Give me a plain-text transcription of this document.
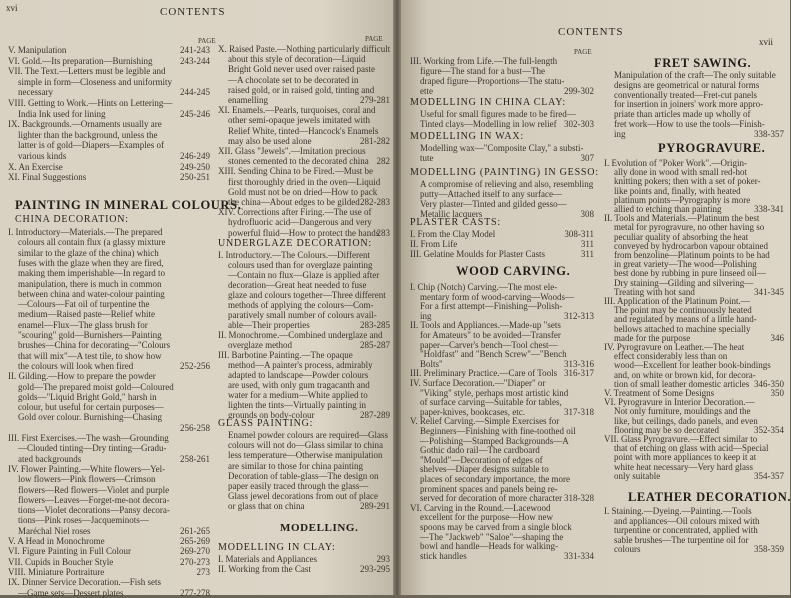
xvi	CONTENTS
PAGE	PAGE
V. Manipulation	241-243
VI. Gold.—Its preparation—Burnishing	243-244
VII. The Text.—Letters must be legible and
simple in form—Closeness and uniformity
necessary	244-245
VIII. Getting to Work.—Hints on Lettering—
India Ink used for lining	245-246
IX. Backgrounds.—Ornaments usually are
lighter than the background, unless the
latter is of gold—Diapers—Examples of
various kinds	246-249
X. An Exercise	249-250
XI. Final Suggestions	250-251
PAINTING IN MINERAL COLOURS.
CHINA DECORATION:
I. Introductory—Materials.—The prepared
colours all contain flux (a glassy mixture
similar to the glaze of the china) which
fuses with the glaze when they are fired,
making them imperishable—In regard to
manipulation, there is much in common
between china and water-colour painting
—Colours—Fat oil of turpentine the
medium—Raised paste—Relief white
enamel—Flux—The glass brush for
"scouring" gold—Burnishers—Painting
brushes—China for decorating—"Colours
that will mix"—A test tile, to show how
the colours will look when fired	252-256
II. Gilding.—How to prepare the powder
gold—The prepared moist gold—Coloured
golds—"Liquid Bright Gold," harsh in
colour, but useful for certain purposes—
Gold over colour. Burnishing—Chasing
256-258
III. First Exercises.—The wash—Grounding
—Clouded tinting—Dry tinting—Gradu-
ated backgrounds	258-261
IV. Flower Painting.—White flowers—Yel-
low flowers—Pink flowers—Crimson
flowers—Red flowers—Violet and purple
flowers—Leaves—Forget-me-not decora-
tions—Violet decorations—Pansy decora-
tions—Pink roses—Jacqueminots—
Maréchal Niel roses	261-265
V. A Head in Monochrome	265-269
VI. Figure Painting in Full Colour	269-270
VII. Cupids in Boucher Style	270-273
VIII. Miniature Portraiture	273
IX. Dinner Service Decoration.—Fish sets
—Game sets—Dessert plates	277-278
X. Raised Paste.—Nothing particularly difficult
about this style of decoration—Liquid
Bright Gold never used over raised paste
—A chocolate set to be decorated in
raised gold, or in raised gold, tinting and
enamelling	279-281
XI. Enamels.—Pearls, turquoises, coral and
other semi-opaque jewels imitated with
Relief White, tinted—Hancock's Enamels
may also be used alone	281-282
XII. Glass "Jewels".—Imitation precious
stones cemented to the decorated china 282
XIII. Sending China to be Fired.—Must be
first thoroughly dried in the oven—Liquid
Gold must not be on dried—How to pack
the china—About edges to be gilded 282-283
XIV. Corrections after Firing.—The use of
hydrofluoric acid—Dangerous and very
powerful fluid—How to protect the hands
283
UNDERGLAZE DECORATION:
I. Introductory.—The Colours.—Different
colours used than for overglaze painting
—Contain no flux—Glaze is applied after
decoration—Great heat needed to fuse
glaze and colours together—Three different
methods of applying the colours—Com-
paratively small number of colours avail-
able—Their properties	283-285
II. Monochrome.—Combined underglaze and
overglaze method	285-287
III. Barbotine Painting.—The opaque
method—A painter's process, admirably
adapted to landscape—Powder colours
are used, with only gum tragacanth and
water for a medium—White applied to
lighten the tints—Virtually painting in
grounds on body-colour	287-289
GLASS PAINTING:
Enamel powder colours are required—Glass
colours will not do—Glass similar to china
less temperature—Otherwise manipulation
are similar to those for china painting
Decoration of table-glass—The design on
paper easily traced through the glass—
Glass jewel decorations from out of place
or glass that on china	289-291
MODELLING.
MODELLING IN CLAY:
I. Materials and Appliances	293
II. Working from the Cast	293-295
CONTENTS
xvii
PAGE
III. Working from Life.—The full-length
figure—The stand for a bust—The
draped figure—Proportions—The statu-
ette	299-302
MODELLING IN CHINA CLAY:
Useful for small figures made to be fired—
Tinted clays—Modelling in low relief 302-303
MODELLING IN WAX:
Modelling wax—"Composite Clay," a substi-
tute	307
MODELLING (PAINTING) IN GESSO:
A compromise of relieving and also, resembling
putty—Attached itself to any surface—
Very plaster—Tinted and gilded gesso—
Metallic lacquers	308
PLASTER CASTS:
I. From the Clay Model	308-311
II. From Life	311
III. Gelatine Moulds for Plaster Casts	311
WOOD CARVING.
I. Chip (Notch) Carving.—The most ele-
mentary form of wood-carving—Woods—
For a first attempt—Finishing—Polish-
ing	312-313
II. Tools and Appliances.—Made-up "sets
for Amateurs" to be avoided—Transfer
paper—Carver's bench—Tool chest—
"Holdfast" and "Bench Screw"—"Bench
Bolts"	313-316
III. Preliminary Practice.—Care of Tools 316-317
IV. Surface Decoration.—"Diaper" or
"Viking" style, perhaps most artistic kind
of surface carving—Suitable for tables,
paper-knives, bookcases, etc.	317-318
V. Relief Carving.—Simple Exercises for
Beginners—Finishing with fine-toothed oil
—Polishing—Stamped Backgrounds—A
Gothic dado rail—The cardboard
"Mould"—Decoration of edges of
shelves—Diaper designs suitable to
places of secondary importance, the more
prominent spaces and panels being re-
served for decoration of more character 318-328
VI. Carving in the Round.—Lacewood
excellent for the purpose—How new
spoons may be carved from a single block
—The "Jackweb" "Saloe"—shaping the
bowl and handle—Heads for walking-
stick handles	331-334
FRET SAWING.
Manipulation of the craft—The only suitable
designs are geometrical or natural forms
conventionally treated—Fret-cut panels
for insertion in joiners' work more appro-
priate than articles made up wholly of
fret work—How to use the tools—Finish-
ing	338-357
PYROGRAVURE.
I. Evolution of "Poker Work".—Origin-
ally done in wood with small red-hot
knitting pokers; then with a set of poker-
like points and, finally, with heated
platinum points—Pyrography is more
allied to etching than painting	338-341
II. Tools and Materials.—Platinum the best
metal for pyrogravure, no other having so
peculiar quality of absorbing the heat
conveyed by hydrocarbon vapour obtained
from benzoline—Platinum points to be had
in great variety—The wood—Polishing
best done by rubbing in pure linseed oil—
Dry staining—Gilding and silvering—
Treating with hot sand	341-345
III. Application of the Platinum Point.—
The point may be continuously heated
and regulated by means of a little hand-
bellows attached to machine specially
made for the purpose	346
IV. Pyrogravure on Leather.—The heat
effect considerably less than on
wood—Excellent for leather book-bindings
and, on white or brown kid, for decora-
tion of small leather domestic articles 346-350
V. Treatment of Some Designs	350
VI. Pyrogravure in Interior Decoration.—
Not only furniture, mouldings and the
like, but ceilings, dado panels, and even
flooring may be so decorated	352-354
VII. Glass Pyrogravure.—Effect similar to
that of etching on glass with acid—Special
point with more appliances to keep it at
white heat necessary—Very hard glass
only suitable	354-357
LEATHER DECORATION.
I. Staining.—Dyeing.—Painting.—Tools
and appliances—Oil colours mixed with
turpentine or concentrated, applied with
sable brushes—The turpentine oil for
colours	358-359
